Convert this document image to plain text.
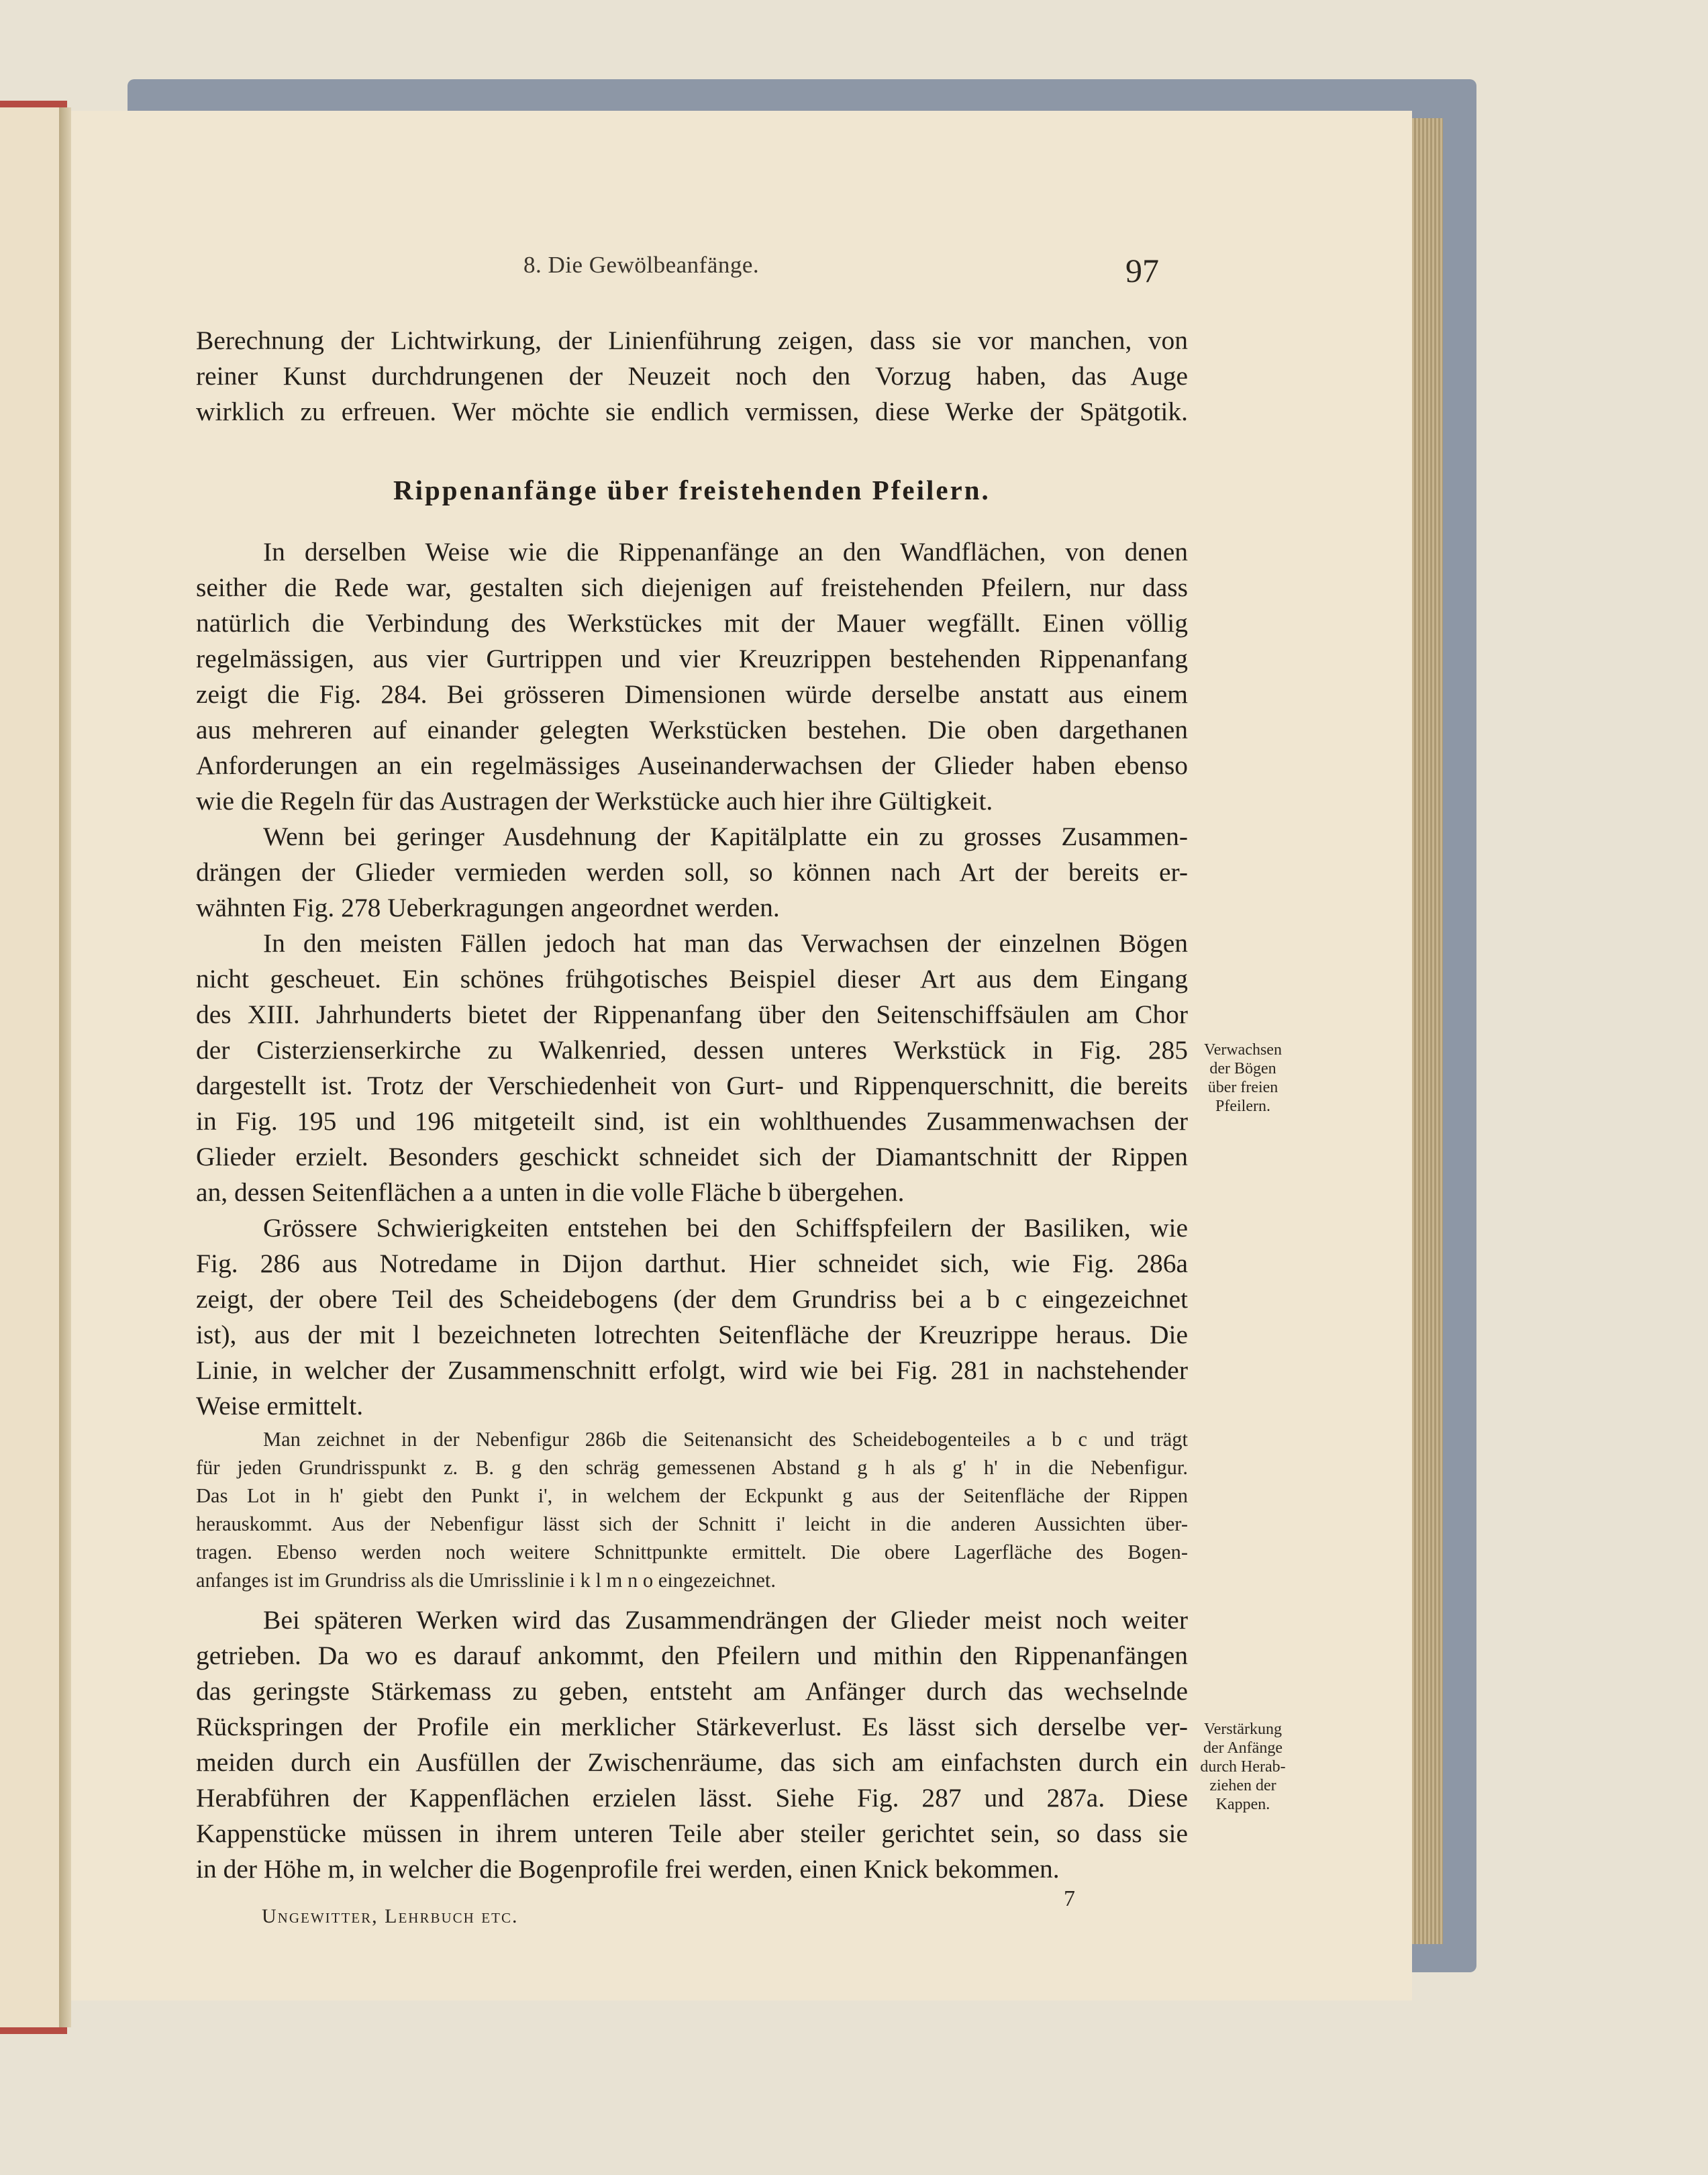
8. Die Gewölbeanfänge.	97

Berechnung der Lichtwirkung, der Linienführung zeigen, dass sie vor manchen, von

reiner Kunst durchdrungenen der Neuzeit noch den Vorzug haben, das Auge

wirklich zu erfreuen. Wer möchte sie endlich vermissen, diese Werke der Spätgotik.

In derselben Weise wie die Rippenanfänge an den Wandflächen, von denen

seither die Rede war, gestalten sich diejenigen auf freistehenden Pfeilern, nur dass

natürlich die Verbindung des Werkstückes mit der Mauer wegfällt. Einen völlig

regelmässigen, aus vier Gurtrippen und vier Kreuzrippen bestehenden Rippenanfang

zeigt die Fig. 284. Bei grösseren Dimensionen würde derselbe anstatt aus einem

aus mehreren auf einander gelegten Werkstücken bestehen. Die oben dargethanen

Anforderungen an ein regelmässiges Auseinanderwachsen der Glieder haben ebenso

wie die Regeln für das Austragen der Werkstücke auch hier ihre Gültigkeit.

Wenn bei geringer Ausdehnung der Kapitälplatte ein zu grosses Zusammen-

drängen der Glieder vermieden werden soll, so können nach Art der bereits er-

wähnten Fig. 278 Ueberkragungen angeordnet werden.

In den meisten Fällen jedoch hat man das Verwachsen der einzelnen Bögen

nicht gescheuet. Ein schönes frühgotisches Beispiel dieser Art aus dem Eingang

des XIII. Jahrhunderts bietet der Rippenanfang über den Seitenschiffsäulen am Chor

der Cisterzienserkirche zu Walkenried, dessen unteres Werkstück in Fig. 285

dargestellt ist. Trotz der Verschiedenheit von Gurt- und Rippenquerschnitt, die bereits

in Fig. 195 und 196 mitgeteilt sind, ist ein wohlthuendes Zusammenwachsen der

Glieder erzielt. Besonders geschickt schneidet sich der Diamantschnitt der Rippen

an, dessen Seitenflächen a a unten in die volle Fläche b übergehen.

Grössere Schwierigkeiten entstehen bei den Schiffspfeilern der Basiliken, wie

Fig. 286 aus Notredame in Dijon darthut. Hier schneidet sich, wie Fig. 286a

zeigt, der obere Teil des Scheidebogens (der dem Grundriss bei a b c eingezeichnet

ist), aus der mit l bezeichneten lotrechten Seitenfläche der Kreuzrippe heraus. Die

Linie, in welcher der Zusammenschnitt erfolgt, wird wie bei Fig. 281 in nachstehender

Weise ermittelt.

Bei späteren Werken wird das Zusammendrängen der Glieder meist noch weiter

getrieben. Da wo es darauf ankommt, den Pfeilern und mithin den Rippenanfängen

das geringste Stärkemass zu geben, entsteht am Anfänger durch das wechselnde

Rückspringen der Profile ein merklicher Stärkeverlust. Es lässt sich derselbe ver-

meiden durch ein Ausfüllen der Zwischenräume, das sich am einfachsten durch ein

Herabführen der Kappenflächen erzielen lässt. Siehe Fig. 287 und 287a. Diese

Kappenstücke müssen in ihrem unteren Teile aber steiler gerichtet sein, so dass sie

in der Höhe m, in welcher die Bogenprofile frei werden, einen Knick bekommen.

Rippenanfänge über freistehenden Pfeilern.

Man zeichnet in der Nebenfigur 286b die Seitenansicht des Scheidebogenteiles a b c und trägt

für jeden Grundrisspunkt z. B. g den schräg gemessenen Abstand g h als g' h' in die Nebenfigur.

Das Lot in h' giebt den Punkt i', in welchem der Eckpunkt g aus der Seitenfläche der Rippen

herauskommt. Aus der Nebenfigur lässt sich der Schnitt i' leicht in die anderen Aussichten über-

tragen. Ebenso werden noch weitere Schnittpunkte ermittelt. Die obere Lagerfläche des Bogen-

anfanges ist im Grundriss als die Umrisslinie i k l m n o eingezeichnet.

Verwachsen
der Bögen
über freien
Pfeilern.
Verstärkung
der Anfänge
durch Herab-
ziehen der
Kappen.
7
Ungewitter, Lehrbuch etc.
